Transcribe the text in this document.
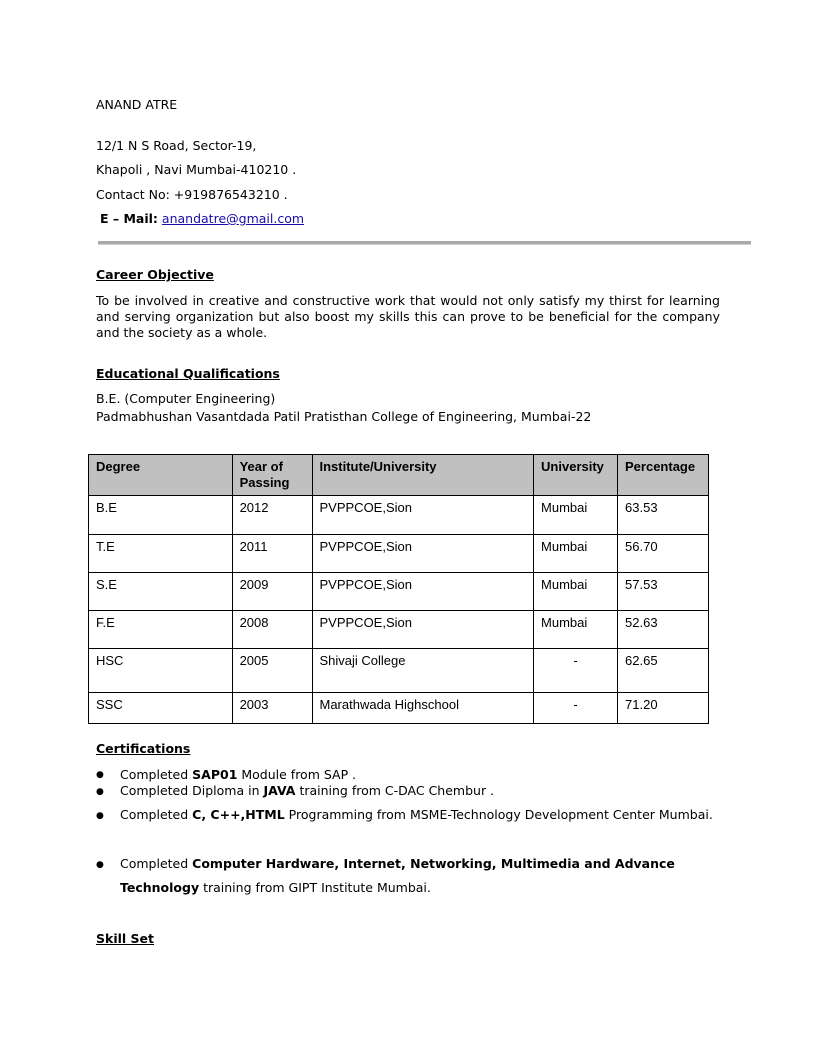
ANAND ATRE
12/1 N S Road, Sector-19,
Khapoli , Navi Mumbai-410210 .
Contact No: +919876543210 .
E – Mail: anandatre@gmail.com
Career Objective
To be involved in creative and constructive work that would not only satisfy my thirst for learning and serving organization but also boost my skills this can prove to be beneficial for the company and the society as a whole.
Educational Qualifications
B.E. (Computer Engineering)
Padmabhushan Vasantdada Patil Pratisthan College of Engineering, Mumbai-22
Degree	Year of Passing	Institute/University	University	Percentage
B.E	2012	PVPPCOE,Sion	Mumbai	63.53
T.E	2011	PVPPCOE,Sion	Mumbai	56.70
S.E	2009	PVPPCOE,Sion	Mumbai	57.53
F.E	2008	PVPPCOE,Sion	Mumbai	52.63
HSC	2005	Shivaji College	-	62.65
SSC	2003	Marathwada Highschool	-	71.20
Certifications
● Completed SAP01 Module from SAP .
● Completed Diploma in JAVA training from C-DAC Chembur .
● Completed C, C++,HTML Programming from MSME-Technology Development Center Mumbai.
● Completed Computer Hardware, Internet, Networking, Multimedia and Advance Technology training from GIPT Institute Mumbai.
Skill Set
